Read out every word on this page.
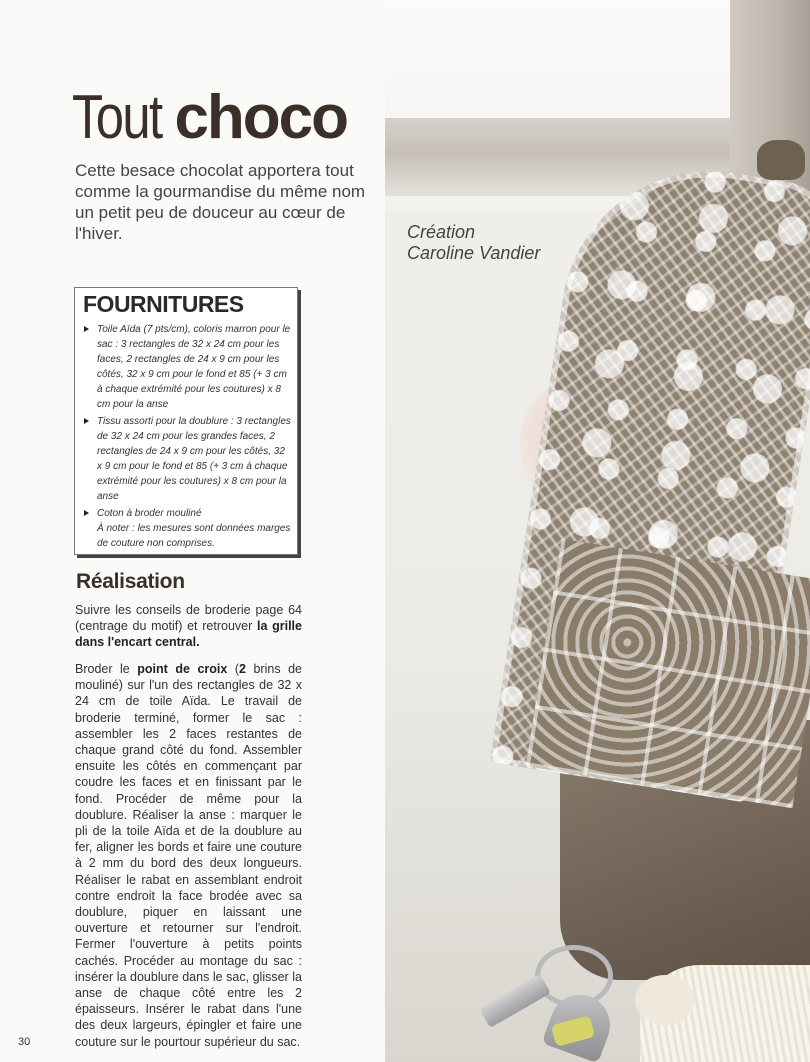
Tout choco

Cette besace chocolat apportera tout comme la gourmandise du même nom un petit peu de douceur au cœur de l'hiver.	Création
Caroline Vandier

FOURNITURES
Toile Aïda (7 pts/cm), coloris marron pour le sac : 3 rectangles de 32 x 24 cm pour les faces, 2 rectangles de 24 x 9 cm pour les côtés, 32 x 9 cm pour le fond et 85 (+ 3 cm à chaque extrémité pour les coutures) x 8 cm pour la anse
Tissu assorti pour la doublure : 3 rectangles de 32 x 24 cm pour les grandes faces, 2 rectangles de 24 x 9 cm pour les côtés, 32 x 9 cm pour le fond et 85 (+ 3 cm à chaque extrémité pour les coutures) x 8 cm pour la anse
Coton à broder mouliné
À noter : les mesures sont données marges de couture non comprises.
Réalisation

Suivre les conseils de broderie page 64 (centrage du motif) et retrouver la grille dans l'encart central.

Broder le point de croix (2 brins de mouliné) sur l'un des rectangles de 32 x 24 cm de toile Aïda. Le travail de broderie terminé, former le sac : assembler les 2 faces restantes de chaque grand côté du fond. Assembler ensuite les côtés en commençant par coudre les faces et en finissant par le fond. Procéder de même pour la doublure. Réaliser la anse : marquer le pli de la toile Aïda et de la doublure au fer, aligner les bords et faire une couture à 2 mm du bord des deux longueurs. Réaliser le rabat en assemblant endroit contre endroit la face brodée avec sa doublure, piquer en laissant une ouverture et retourner sur l'endroit. Fermer l'ouverture à petits points cachés. Procéder au montage du sac : insérer la doublure dans le sac, glisser la anse de chaque côté entre les 2 épaisseurs. Insérer le rabat dans l'une des deux largeurs, épingler et faire une couture sur le pourtour supérieur du sac.

30
